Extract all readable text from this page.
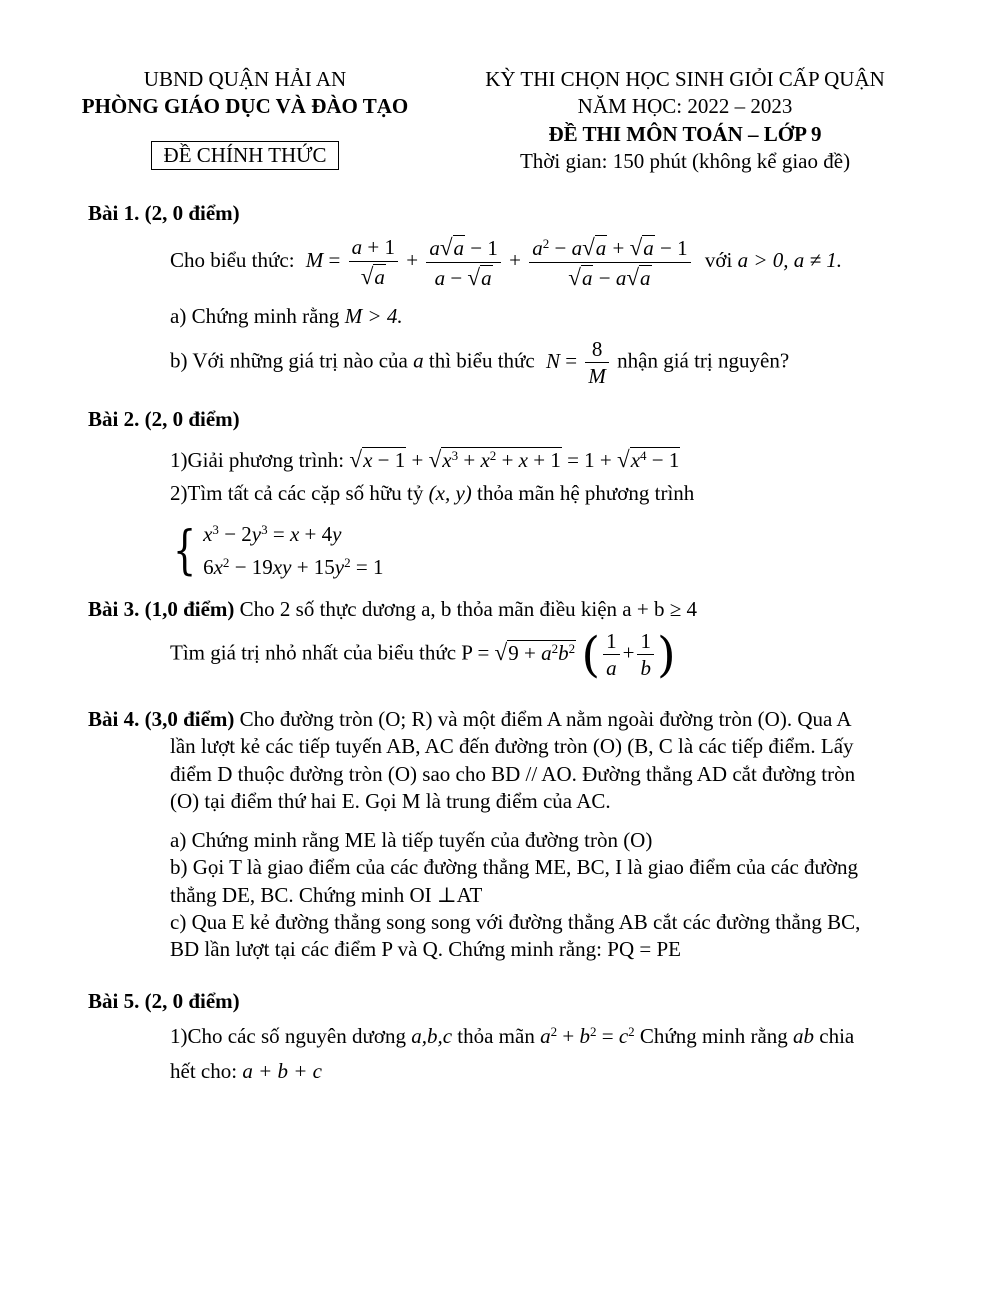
UBND QUẬN HẢI AN
PHÒNG GIÁO DỤC VÀ ĐÀO TẠO
ĐỀ CHÍNH THỨC
KỲ THI CHỌN HỌC SINH GIỎI CẤP QUẬN
NĂM HỌC: 2022 – 2023
ĐỀ THI MÔN TOÁN – LỚP 9
Thời gian: 150 phút (không kể giao đề)
Bài 1. (2, 0 điểm)
Cho biểu thức: $M = \frac{a + 1}{√a} + \frac{a√a - 1}{a - √a} + \frac{a^2 - a√a + √a - 1}{√a - a√a}$ với a > 0, a ≠ 1.
a) Chứng minh rằng M > 4.
b) Với những giá trị nào của a thì biểu thức $N = \frac{8}{M}$ nhận giá trị nguyên?
Bài 2. (2, 0 điểm)
1)Giải phương trình: $√x - 1 + √x^3 + x^2 + x + 1 = 1 + √x^4 - 1$
2)Tìm tất cả các cặp số hữu tỷ (x, y) thỏa mãn hệ phương trình
{ $x^3 - 2y^3 = x + 4y$
$6x^2 - 19xy + 15y^2 = 1$
Bài 3. (1,0 điểm) Cho 2 số thực dương a, b thỏa mãn điều kiện a + b ≥ 4
Tìm giá trị nhỏ nhất của biểu thức $P = √9 + a^2b^2$ ( $\frac{1}{a} + \frac{1}{b}$ )
Bài 4. (3,0 điểm) Cho đường tròn (O; R) và một điểm A nằm ngoài đường tròn (O). Qua A
lần lượt kẻ các tiếp tuyến AB, AC đến đường tròn (O) (B, C là các tiếp điểm. Lấy
điểm D thuộc đường tròn (O) sao cho BD // AO. Đường thẳng AD cắt đường tròn
(O) tại điểm thứ hai E. Gọi M là trung điểm của AC.
a) Chứng minh rằng ME là tiếp tuyến của đường tròn (O)
b) Gọi T là giao điểm của các đường thẳng ME, BC, I là giao điểm của các đường
thẳng DE, BC. Chứng minh OI ⊥AT
c) Qua E kẻ đường thẳng song song với đường thẳng AB cắt các đường thẳng BC,
BD lần lượt tại các điểm P và Q. Chứng minh rằng: PQ = PE
Bài 5. (2, 0 điểm)
1)Cho các số nguyên dương a,b,c thỏa mãn $a^2 + b^2 = c^2$ Chứng minh rằng ab chia
hết cho: a + b + c
